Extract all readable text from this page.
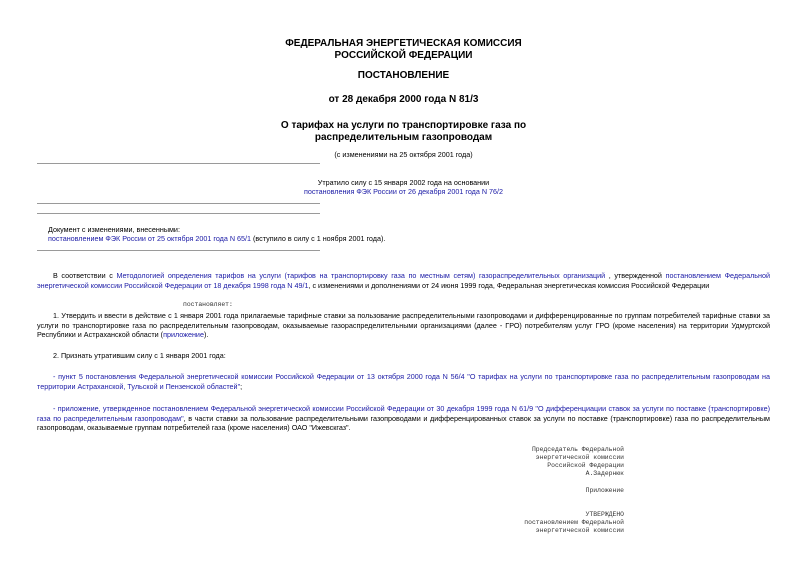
ФЕДЕРАЛЬНАЯ ЭНЕРГЕТИЧЕСКАЯ КОМИССИЯ
РОССИЙСКОЙ ФЕДЕРАЦИИ
ПОСТАНОВЛЕНИЕ
от 28 декабря 2000 года N 81/3
О тарифах на услуги по транспортировке газа по
распределительным газопроводам
(с изменениями на 25 октября 2001 года)
Утратило силу с 15 января 2002 года на основании
постановления ФЭК России от 26 декабря 2001 года N 76/2
Документ с изменениями, внесенными:
постановлением ФЭК России от 25 октября 2001 года N 65/1 (вступило в силу с 1 ноября 2001 года).
В соответствии с Методологией определения тарифов на услуги (тарифов на транспортировку газа по местным сетям) газораспределительных организаций , утвержденной постановлением Федеральной энергетической комиссии Российской Федерации от 18 декабря 1998 года N 49/1, с изменениями и дополнениями от 24 июня 1999 года, Федеральная энергетическая комиссия Российской Федерации
постановляет:
1. Утвердить и ввести в действие с 1 января 2001 года прилагаемые тарифные ставки за пользование распределительными газопроводами и дифференцированные по группам потребителей тарифные ставки за услуги по транспортировке газа по распределительным газопроводам, оказываемые газораспределительными организациями (далее - ГРО) потребителям услуг ГРО (кроме населения) на территории Удмуртской Республики и Астраханской области (приложение).
2. Признать утратившим силу с 1 января 2001 года:
- пункт 5 постановления Федеральной энергетической комиссии Российской Федерации от 13 октября 2000 года N 56/4 "О тарифах на услуги по транспортировке газа по распределительным газопроводам на территории Астраханской, Тульской и Пензенской областей";
- приложение, утвержденное постановлением Федеральной энергетической комиссии Российской Федерации от 30 декабря 1999 года N 61/9 "О дифференциации ставок за услуги по поставке (транспортировке) газа по распределительным газопроводам", в части ставки за пользование распределительными газопроводами и дифференцированных ставок за услуги по поставке (транспортировке) газа по распределительным газопроводам, оказываемые группам потребителей газа (кроме населения) ОАО "Ижевскгаз".
Председатель Федеральной
энергетической комиссии
Российской Федерации
А.Задернюк
Приложение
УТВЕРЖДЕНО
постановлением Федеральной
энергетической комиссии
